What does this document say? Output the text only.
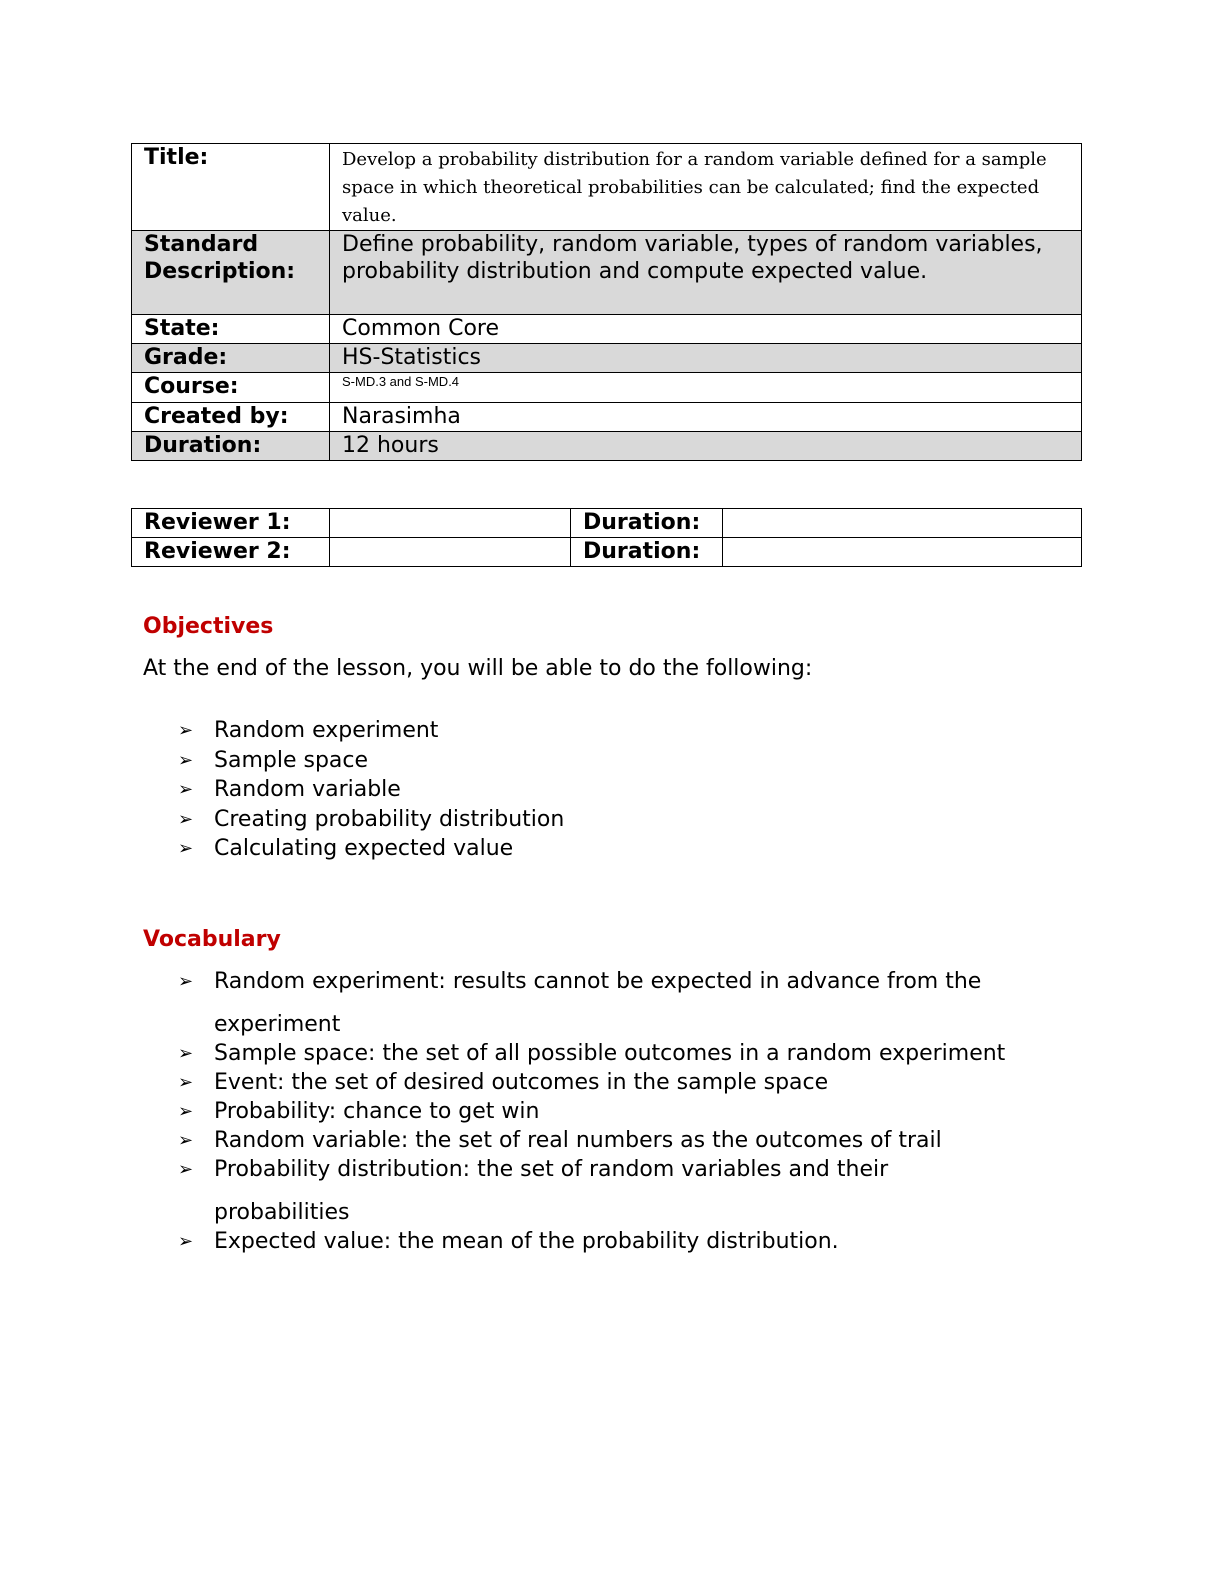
Title:	Develop a probability distribution for a random variable defined for a sample space in which theoretical probabilities can be calculated; find the expected value.
Standard Description:	Define probability, random variable, types of random variables, probability distribution and compute expected value.
State:	Common Core
Grade:	HS-Statistics
Course:	S-MD.3 and S-MD.4
Created by:	Narasimha
Duration:	12 hours
Reviewer 1:		Duration:	
Reviewer 2:		Duration:	
Objectives
At the end of the lesson, you will be able to do the following:
➢ Random experiment
➢ Sample space
➢ Random variable
➢ Creating probability distribution
➢ Calculating expected value
Vocabulary
➢ Random experiment: results cannot be expected in advance from the
experiment
➢ Sample space: the set of all possible outcomes in a random experiment
➢ Event: the set of desired outcomes in the sample space
➢ Probability: chance to get win
➢ Random variable: the set of real numbers as the outcomes of trail
➢ Probability distribution: the set of random variables and their
probabilities
➢ Expected value: the mean of the probability distribution.
